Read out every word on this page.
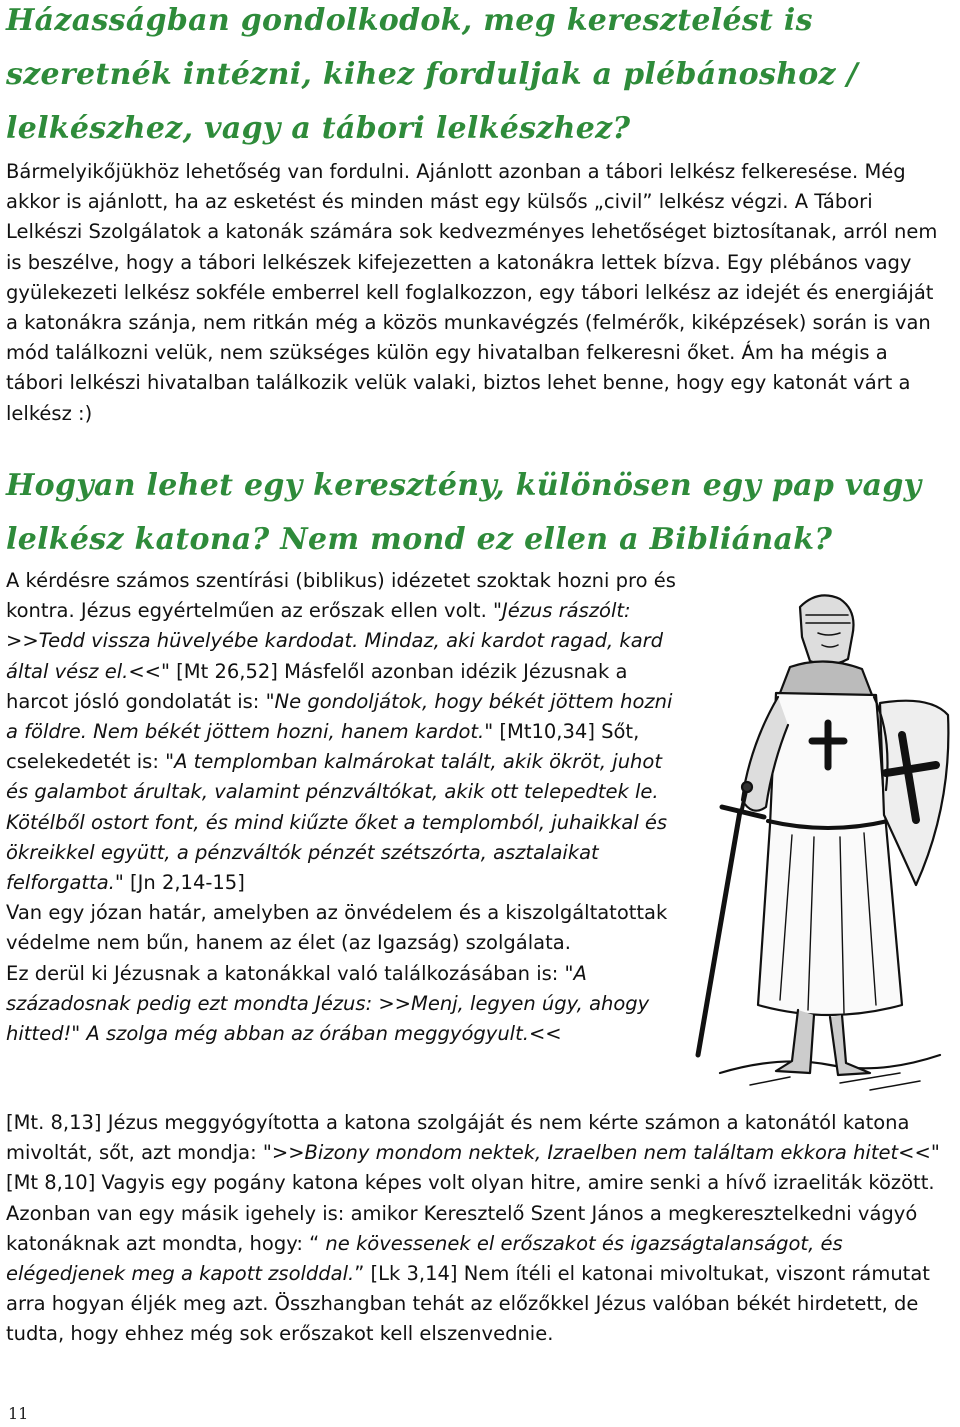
Házasságban gondolkodok, meg keresztelést is szeretnék intézni, kihez forduljak a plébánoshoz / lelkészhez, vagy a tábori lelkészhez?

Bármelyikőjükhöz lehetőség van fordulni. Ajánlott azonban a tábori lelkész felkeresése. Még akkor is ajánlott, ha az esketést és minden mást egy külsős „civil” lelkész végzi. A Tábori Lelkészi Szolgálatok a katonák számára sok kedvezményes lehetőséget biztosítanak, arról nem is beszélve, hogy a tábori lelkészek kifejezetten a katonákra lettek bízva. Egy plébános vagy gyülekezeti lelkész sokféle emberrel kell foglalkozzon, egy tábori lelkész az idejét és energiáját a katonákra szánja, nem ritkán még a közös munkavégzés (felmérők, kiképzések) során is van mód találkozni velük, nem szükséges külön egy hivatalban felkeresni őket. Ám ha mégis a tábori lelkészi hivatalban találkozik velük valaki, biztos lehet benne, hogy egy katonát várt a lelkész :)

Hogyan lehet egy keresztény, különösen egy pap vagy lelkész katona? Nem mond ez ellen a Bibliának?

A kérdésre számos szentírási (biblikus) idézetet szoktak hozni pro és kontra. Jézus egyértelműen az erőszak ellen volt. "Jézus rászólt: >>Tedd vissza hüvelyébe kardodat. Mindaz, aki kardot ragad, kard által vész el.<<" [Mt 26,52] Másfelől azonban idézik Jézusnak a harcot jósló gondolatát is: "Ne gondoljátok, hogy békét jöttem hozni a földre. Nem békét jöttem hozni, hanem kardot." [Mt10,34] Sőt, cselekedetét is: "A templomban kalmárokat talált, akik ökröt, juhot és galambot árultak, valamint pénzváltókat, akik ott telepedtek le. Kötélből ostort font, és mind kiűzte őket a templomból, juhaikkal és ökreikkel együtt, a pénzváltók pénzét szétszórta, asztalaikat felforgatta." [Jn 2,14-15]
Van egy józan határ, amelyben az önvédelem és a kiszolgáltatottak védelme nem bűn, hanem az élet (az Igazság) szolgálata.
Ez derül ki Jézusnak a katonákkal való találkozásában is: "A századosnak pedig ezt mondta Jézus: >>Menj, legyen úgy, ahogy hitted!" A szolga még abban az órában meggyógyult.<<

[Mt. 8,13] Jézus meggyógyította a katona szolgáját és nem kérte számon a katonától katona mivoltát, sőt, azt mondja: ">>Bizony mondom nektek, Izraelben nem találtam ekkora hitet<<" [Mt 8,10] Vagyis egy pogány katona képes volt olyan hitre, amire senki a hívő izraeliták között. Azonban van egy másik igehely is: amikor Keresztelő Szent János a megkeresztelkedni vágyó katonáknak azt mondta, hogy: “ ne kövessenek el erőszakot és igazságtalanságot, és elégedjenek meg a kapott zsolddal.” [Lk 3,14] Nem ítéli el katonai mivoltukat, viszont rámutat arra hogyan éljék meg azt. Összhangban tehát az előzőkkel Jézus valóban békét hirdetett, de tudta, hogy ehhez még sok erőszakot kell elszenvednie.

11
